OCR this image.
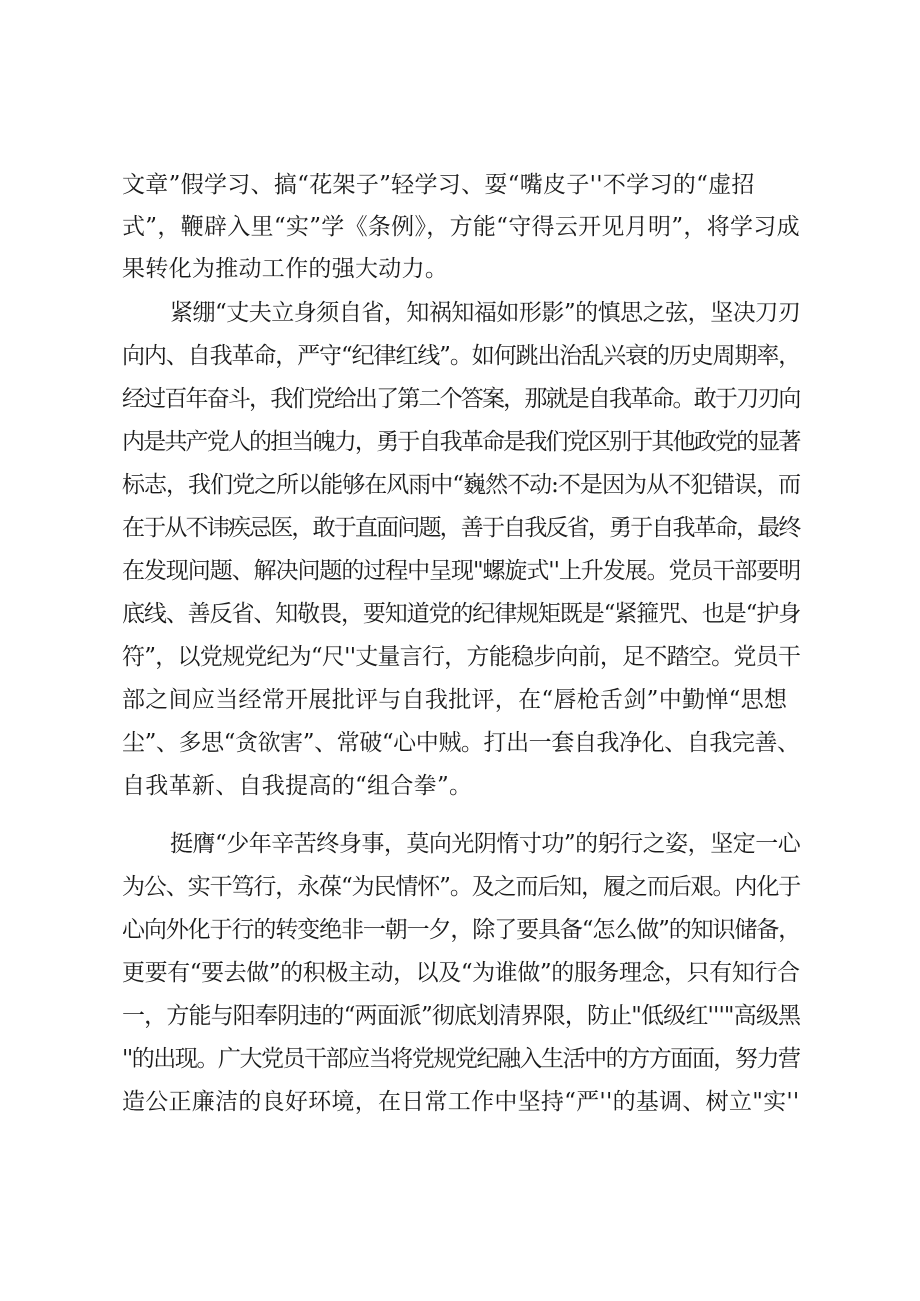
文章”假学习、搞“花架子”轻学习、耍“嘴皮子''不学习的“虚招
式”，鞭辟入里“实”学《条例》，方能“守得云开见月明”，将学习成
果转化为推动工作的强大动力。
紧绷“丈夫立身须自省，知祸知福如形影”的慎思之弦，坚决刀刃
向内、自我革命，严守“纪律红线”。如何跳出治乱兴衰的历史周期率，
经过百年奋斗，我们党给出了第二个答案，那就是自我革命。敢于刀刃向
内是共产党人的担当魄力，勇于自我革命是我们党区别于其他政党的显著
标志，我们党之所以能够在风雨中“巍然不动:不是因为从不犯错误，而
在于从不讳疾忌医，敢于直面问题，善于自我反省，勇于自我革命，最终
在发现问题、解决问题的过程中呈现"螺旋式''上升发展。党员干部要明
底线、善反省、知敬畏，要知道党的纪律规矩既是“紧箍咒、也是“护身
符”，以党规党纪为“尺''丈量言行，方能稳步向前，足不踏空。党员干
部之间应当经常开展批评与自我批评，在“唇枪舌剑”中勤惮“思想
尘”、多思“贪欲害”、常破“心中贼。打出一套自我净化、自我完善、
自我革新、自我提高的“组合拳”。
挺膺“少年辛苦终身事，莫向光阴惰寸功”的躬行之姿，坚定一心
为公、实干笃行，永葆“为民情怀”。及之而后知，履之而后艰。内化于
心向外化于行的转变绝非一朝一夕，除了要具备“怎么做”的知识储备，
更要有“要去做”的积极主动，以及“为谁做”的服务理念，只有知行合
一，方能与阳奉阴违的“两面派”彻底划清界限，防止"低级红'''"高级黑
''的出现。广大党员干部应当将党规党纪融入生活中的方方面面，努力营
造公正廉洁的良好环境，在日常工作中坚持“严''的基调、树立"实''
